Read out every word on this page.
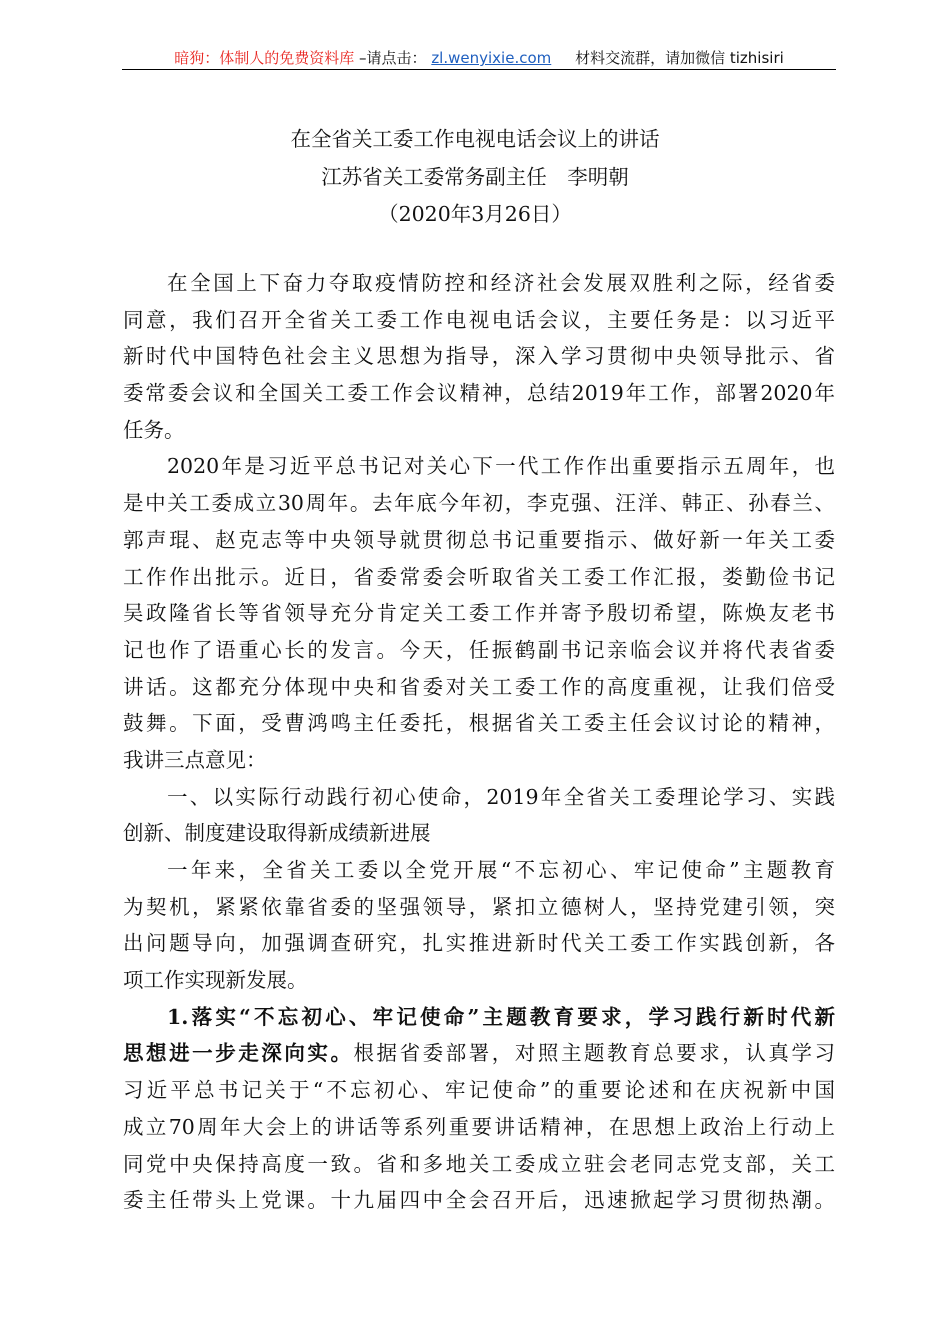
暗狗：体制人的免费资料库 –请点击： zl.wenyixie.com 材料交流群，请加微信 tizhisiri
在全省关工委工作电视电话会议上的讲话
江苏省关工委常务副主任　李明朝
（2020年3月26日）
在全国上下奋力夺取疫情防控和经济社会发展双胜利之际，经省委
同意，我们召开全省关工委工作电视电话会议，主要任务是：以习近平
新时代中国特色社会主义思想为指导，深入学习贯彻中央领导批示、省
委常委会议和全国关工委工作会议精神，总结2019年工作，部署2020年
任务。
2020年是习近平总书记对关心下一代工作作出重要指示五周年，也
是中关工委成立30周年。去年底今年初，李克强、汪洋、韩正、孙春兰、
郭声琨、赵克志等中央领导就贯彻总书记重要指示、做好新一年关工委
工作作出批示。近日，省委常委会听取省关工委工作汇报，娄勤俭书记
吴政隆省长等省领导充分肯定关工委工作并寄予殷切希望，陈焕友老书
记也作了语重心长的发言。今天，任振鹤副书记亲临会议并将代表省委
讲话。这都充分体现中央和省委对关工委工作的高度重视，让我们倍受
鼓舞。下面，受曹鸿鸣主任委托，根据省关工委主任会议讨论的精神，
我讲三点意见：
一、以实际行动践行初心使命，2019年全省关工委理论学习、实践
创新、制度建设取得新成绩新进展
一年来，全省关工委以全党开展“不忘初心、牢记使命”主题教育
为契机，紧紧依靠省委的坚强领导，紧扣立德树人，坚持党建引领，突
出问题导向，加强调查研究，扎实推进新时代关工委工作实践创新，各
项工作实现新发展。
1.落实“不忘初心、牢记使命”主题教育要求，学习践行新时代新
思想进一步走深向实。根据省委部署，对照主题教育总要求，认真学习
习近平总书记关于“不忘初心、牢记使命”的重要论述和在庆祝新中国
成立70周年大会上的讲话等系列重要讲话精神，在思想上政治上行动上
同党中央保持高度一致。省和多地关工委成立驻会老同志党支部，关工
委主任带头上党课。十九届四中全会召开后，迅速掀起学习贯彻热潮。
